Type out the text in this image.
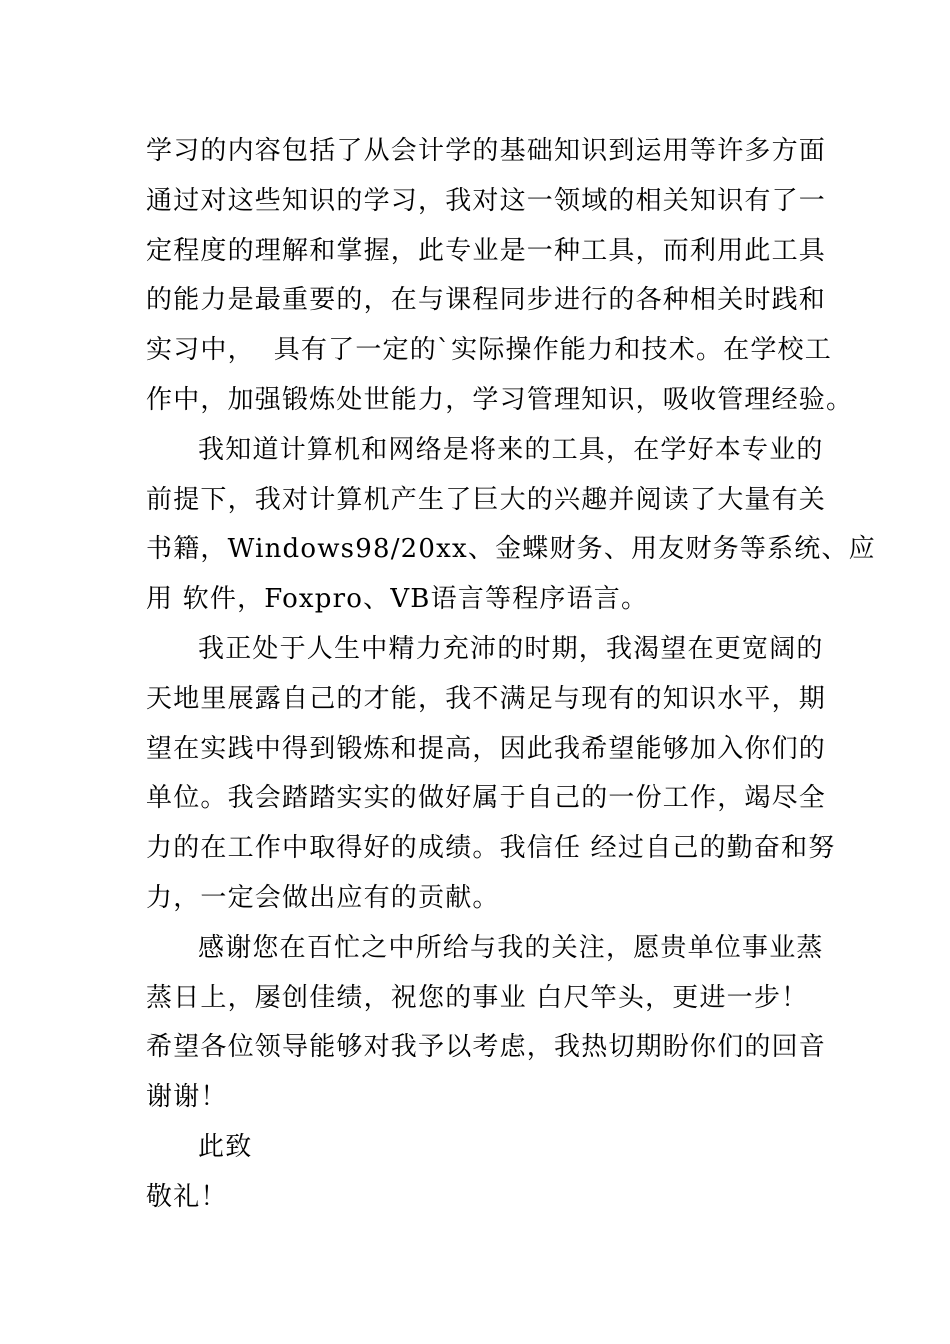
学习的内容包括了从会计学的基础知识到运用等许多方面
通过对这些知识的学习，我对这一领域的相关知识有了一
定程度的理解和掌握，此专业是一种工具，而利用此工具
的能力是最重要的，在与课程同步进行的各种相关时践和
实习中，  具有了一定的`实际操作能力和技术。在学校工
作中，加强锻炼处世能力，学习管理知识，吸收管理经验。
我知道计算机和网络是将来的工具，在学好本专业的
前提下，我对计算机产生了巨大的兴趣并阅读了大量有关
书籍，Windows98/20xx、金蝶财务、用友财务等系统、应
用 软件，Foxpro、VB语言等程序语言。
我正处于人生中精力充沛的时期，我渴望在更宽阔的
天地里展露自己的才能，我不满足与现有的知识水平，期
望在实践中得到锻炼和提高，因此我希望能够加入你们的
单位。我会踏踏实实的做好属于自己的一份工作，竭尽全
力的在工作中取得好的成绩。我信任 经过自己的勤奋和努
力，一定会做出应有的贡献。
感谢您在百忙之中所给与我的关注，愿贵单位事业蒸
蒸日上，屡创佳绩，祝您的事业 白尺竿头，更进一步！
希望各位领导能够对我予以考虑，我热切期盼你们的回音
谢谢！
此致
敬礼！
